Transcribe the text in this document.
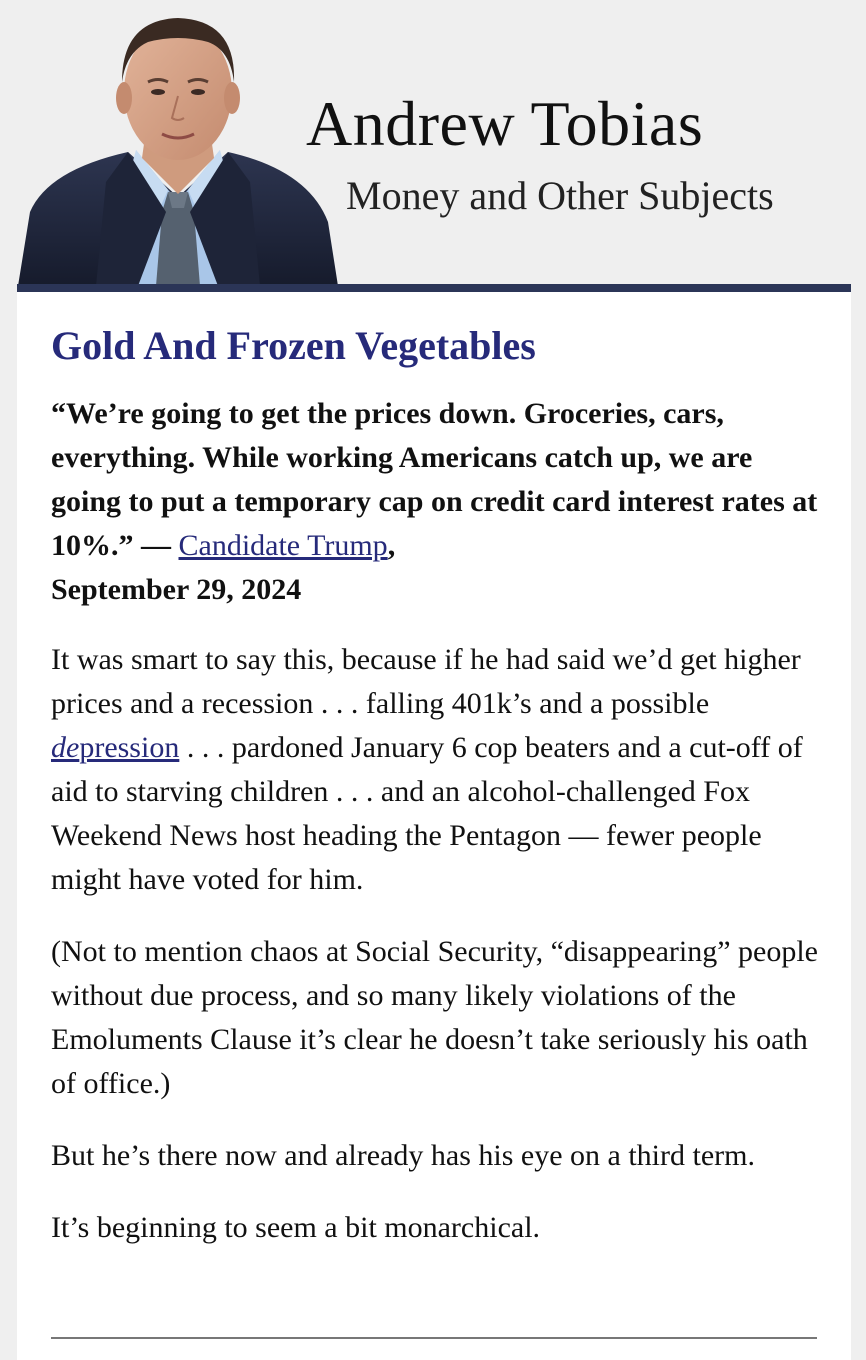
Andrew Tobias
Money and Other Subjects
Gold And Frozen Vegetables

“We’re going to get the prices down. Groceries, cars, everything. While working Americans catch up, we are going to put a temporary cap on credit card interest rates at 10%.” — Candidate Trump,
September 29, 2024

It was smart to say this, because if he had said we’d get higher prices and a recession . . . falling 401k’s and a possible depression . . . pardoned January 6 cop beaters and a cut-off of aid to starving children . . . and an alcohol-challenged Fox Weekend News host heading the Pentagon — fewer people might have voted for him.

(Not to mention chaos at Social Security, “disappearing” people without due process, and so many likely violations of the Emoluments Clause it’s clear he doesn’t take seriously his oath of office.)

But he’s there now and already has his eye on a third term.

It’s beginning to seem a bit monarchical.
